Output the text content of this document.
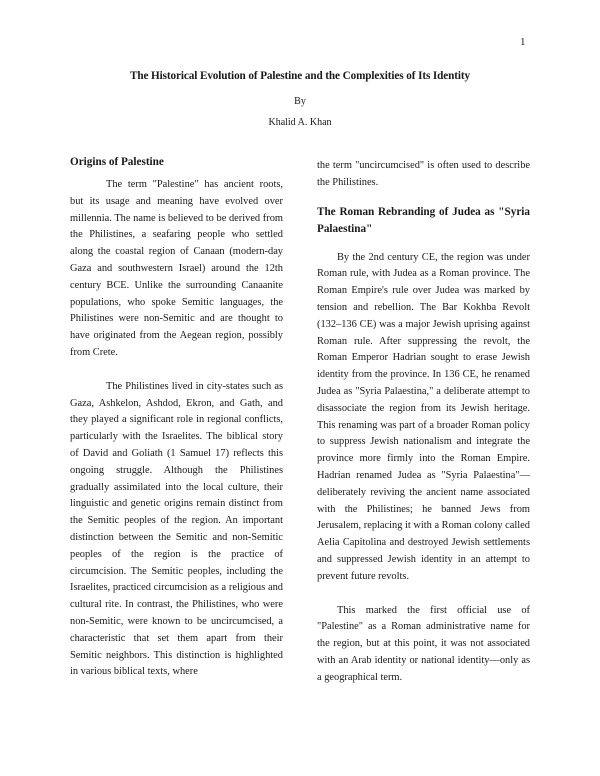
1
The Historical Evolution of Palestine and the Complexities of Its Identity
By
Khalid A. Khan
Origins of Palestine

The term "Palestine" has ancient roots, but its usage and meaning have evolved over millennia. The name is believed to be derived from the Philistines, a seafaring people who settled along the coastal region of Canaan (modern-day Gaza and southwestern Israel) around the 12th century BCE. Unlike the surrounding Canaanite populations, who spoke Semitic languages, the Philistines were non-Semitic and are thought to have originated from the Aegean region, possibly from Crete.

The Philistines lived in city-states such as Gaza, Ashkelon, Ashdod, Ekron, and Gath, and they played a significant role in regional conflicts, particularly with the Israelites. The biblical story of David and Goliath (1 Samuel 17) reflects this ongoing struggle. Although the Philistines gradually assimilated into the local culture, their linguistic and genetic origins remain distinct from the Semitic peoples of the region. An important distinction between the Semitic and non-Semitic peoples of the region is the practice of circumcision. The Semitic peoples, including the Israelites, practiced circumcision as a religious and cultural rite. In contrast, the Philistines, who were non-Semitic, were known to be uncircumcised, a characteristic that set them apart from their Semitic neighbors. This distinction is highlighted in various biblical texts, where

the term "uncircumcised" is often used to describe the Philistines.

The Roman Rebranding of Judea as "Syria Palaestina"

By the 2nd century CE, the region was under Roman rule, with Judea as a Roman province. The Roman Empire's rule over Judea was marked by tension and rebellion. The Bar Kokhba Revolt (132–136 CE) was a major Jewish uprising against Roman rule. After suppressing the revolt, the Roman Emperor Hadrian sought to erase Jewish identity from the province. In 136 CE, he renamed Judea as "Syria Palaestina," a deliberate attempt to disassociate the region from its Jewish heritage. This renaming was part of a broader Roman policy to suppress Jewish nationalism and integrate the province more firmly into the Roman Empire. Hadrian renamed Judea as "Syria Palaestina"—deliberately reviving the ancient name associated with the Philistines; he banned Jews from Jerusalem, replacing it with a Roman colony called Aelia Capitolina and destroyed Jewish settlements and suppressed Jewish identity in an attempt to prevent future revolts.

This marked the first official use of "Palestine" as a Roman administrative name for the region, but at this point, it was not associated with an Arab identity or national identity—only as a geographical term.
